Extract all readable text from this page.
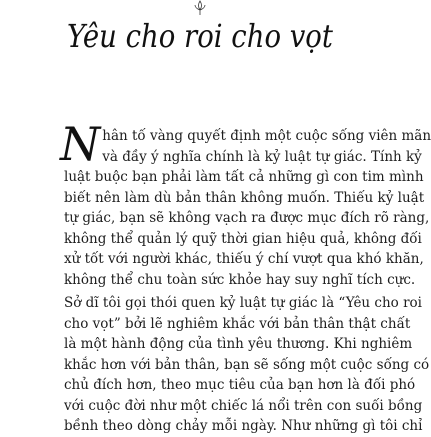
Yêu cho roi cho vọt
N hân tố vàng quyết định một cuộc sống viên mãn
và đầy ý nghĩa chính là kỷ luật tự giác. Tính kỷ
luật buộc bạn phải làm tất cả những gì con tim mình
biết nên làm dù bản thân không muốn. Thiếu kỷ luật
tự giác, bạn sẽ không vạch ra được mục đích rõ ràng,
không thể quản lý quỹ thời gian hiệu quả, không đối
xử tốt với người khác, thiếu ý chí vượt qua khó khăn,
không thể chu toàn sức khỏe hay suy nghĩ tích cực.
Sở dĩ tôi gọi thói quen kỷ luật tự giác là “Yêu cho roi
cho vọt” bởi lẽ nghiêm khắc với bản thân thật chất
là một hành động của tình yêu thương. Khi nghiêm
khắc hơn với bản thân, bạn sẽ sống một cuộc sống có
chủ đích hơn, theo mục tiêu của bạn hơn là đối phó
với cuộc đời như một chiếc lá nổi trên con suối bồng
bềnh theo dòng chảy mỗi ngày. Như những gì tôi chỉ
